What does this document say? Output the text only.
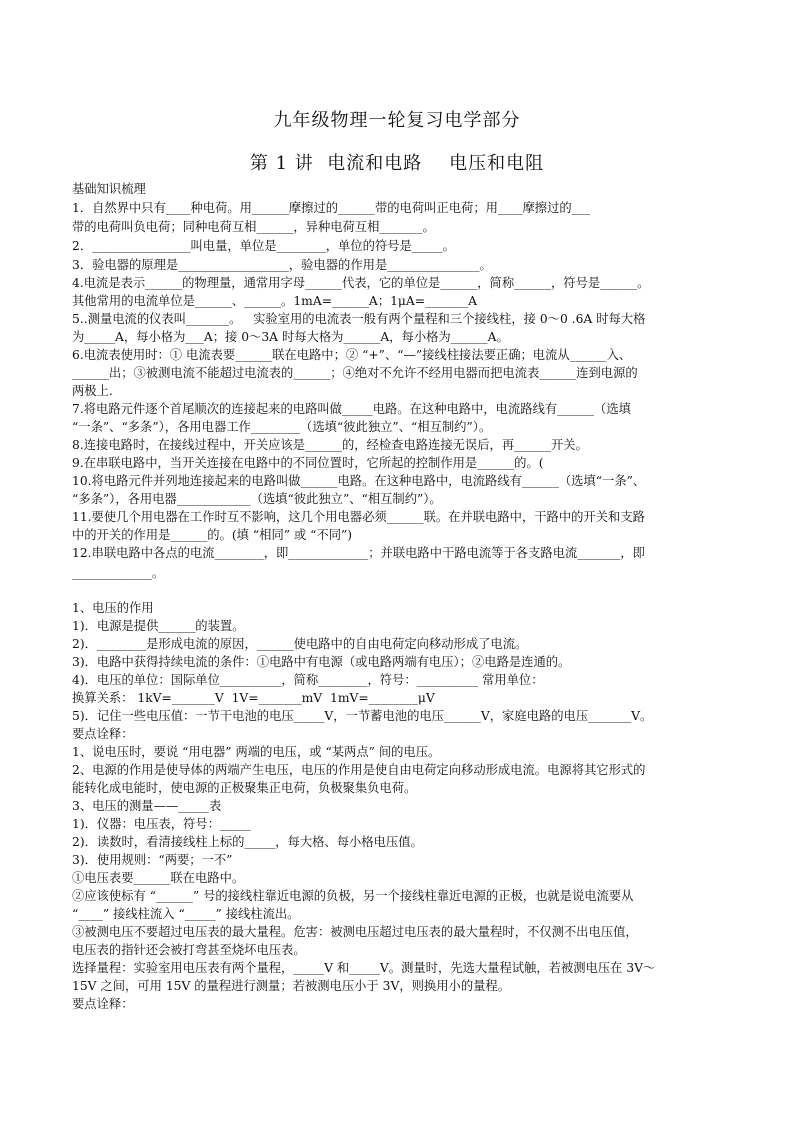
九年级物理一轮复习电学部分
第 1 讲  电流和电路    电压和电阻
基础知识梳理
1．自然界中只有____种电荷。用______摩擦过的______带的电荷叫正电荷；用____摩擦过的___
带的电荷叫负电荷；同种电荷互相______，异种电荷互相_______。
2．________________叫电量，单位是________，单位的符号是_____。
3．验电器的原理是__________________，验电器的作用是_______________。
4.电流是表示______的物理量，通常用字母______代表，它的单位是______，简称______，符号是______。
其他常用的电流单位是______、______。1mA=______A；1μA=_______A
5..测量电流的仪表叫_______。   实验室用的电流表一般有两个量程和三个接线柱，接 0～0 .6A 时每大格
为_____A，每小格为___A；接 0～3A 时每大格为______A，每小格为______A。
6.电流表使用时：① 电流表要______联在电路中；② “+”、“—”接线柱接法要正确；电流从______入、
______出；③被测电流不能超过电流表的______；④绝对不允许不经用电器而把电流表______连到电源的
两极上.
7.将电路元件逐个首尾顺次的连接起来的电路叫做_____电路。在这种电路中，电流路线有______（选填
“一条”、“多条”），各用电器工作________（选填“彼此独立”、“相互制约”）。
8.连接电路时，在接线过程中，开关应该是______的，经检查电路连接无误后，再______开关。
9.在串联电路中，当开关连接在电路中的不同位置时，它所起的控制作用是______的。(
10.将电路元件并列地连接起来的电路叫做______电路。在这种电路中，电流路线有______（选填“一条”、
“多条”），各用电器____________（选填“彼此独立”、“相互制约”）。
11.要使几个用电器在工作时互不影响，这几个用电器必须______联。在并联电路中，干路中的开关和支路
中的开关的作用是______的。(填 “相同” 或 “不同”)
12.串联电路中各点的电流________，即_____________；并联电路中干路电流等于各支路电流_______，即
_____________。
1、电压的作用
1)．电源是提供______的装置。
2)．________是形成电流的原因，______使电路中的自由电荷定向移动形成了电流。
3)．电路中获得持续电流的条件：①电路中有电源（或电路两端有电压）；②电路是连通的。
4)．电压的单位：国际单位__________，简称________，符号：__________ 常用单位：
换算关系： 1kV=_______V  1V=_______mV  1mV=________μV
5)．记住一些电压值：一节干电池的电压_____V，一节蓄电池的电压______V，家庭电路的电压_______V。
要点诠释：
1、说电压时，要说 “用电器” 两端的电压，或 “某两点” 间的电压。
2、电源的作用是使导体的两端产生电压，电压的作用是使自由电荷定向移动形成电流。电源将其它形式的
能转化成电能时，使电源的正极聚集正电荷，负极聚集负电荷。
3、电压的测量——_____表
1)．仪器：电压表，符号：_____
2)．读数时，看清接线柱上标的_____，每大格、每小格电压值。
3)．使用规则：“两要；一不”
①电压表要______联在电路中。
②应该使标有 “______” 号的接线柱靠近电源的负极，另一个接线柱靠近电源的正极，也就是说电流要从
“____” 接线柱流入 “_____” 接线柱流出。
③被测电压不要超过电压表的最大量程。危害：被测电压超过电压表的最大量程时，不仅测不出电压值，
电压表的指针还会被打弯甚至烧坏电压表。
选择量程：实验室用电压表有两个量程，_____V 和_____V。测量时，先选大量程试触，若被测电压在 3V～
15V 之间，可用 15V 的量程进行测量；若被测电压小于 3V，则换用小的量程。
要点诠释：
